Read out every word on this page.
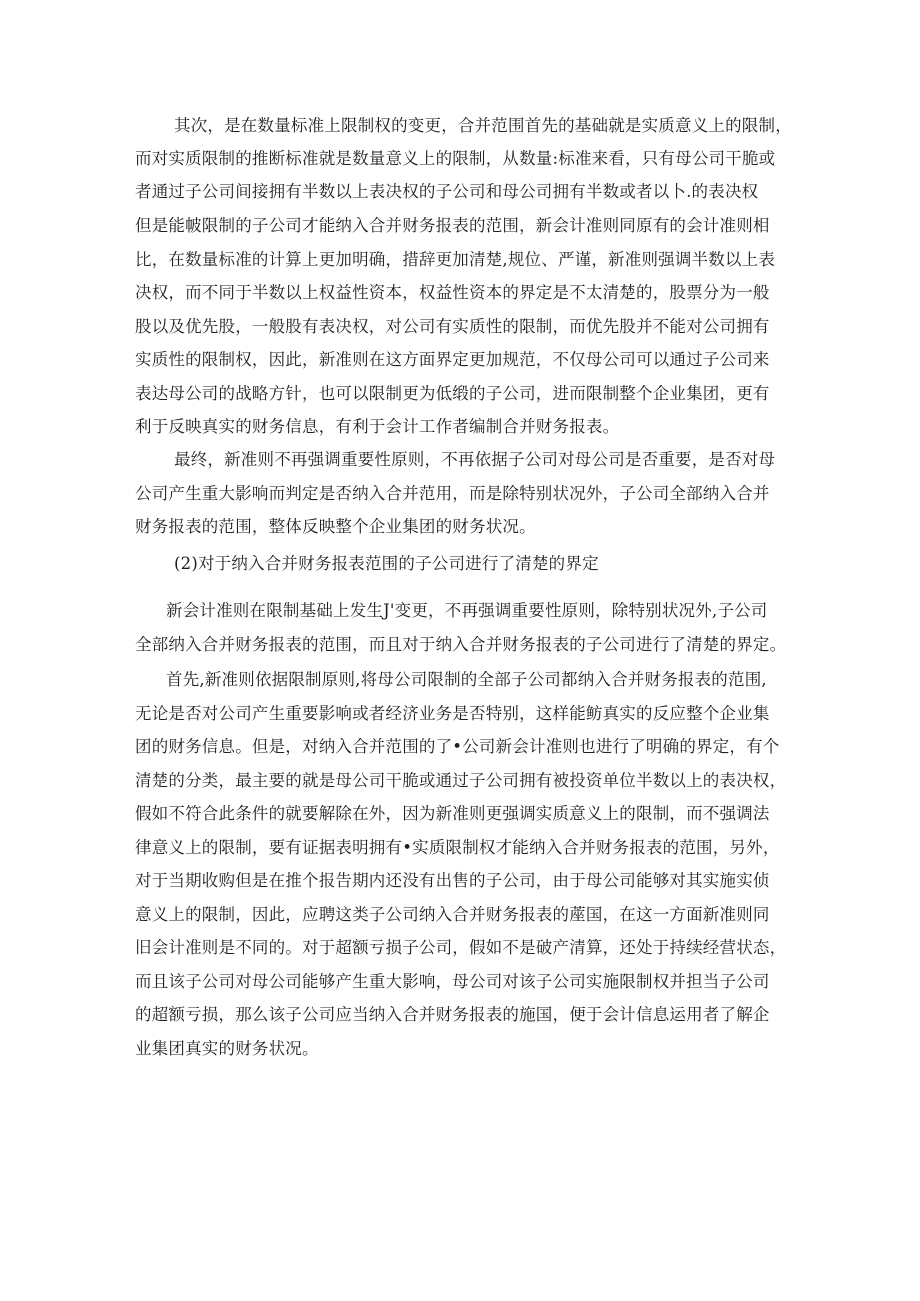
其次，是在数量标准上限制权的变更，合并范围首先的基础就是实质意义上的限制，

而对实质限制的推断标准就是数量意义上的限制，从数量:标准来看，只有母公司干脆或

者通过子公司间接拥有半数以上表决权的子公司和母公司拥有半数或者以卜.的表决权

但是能帔限制的子公司才能纳入合并财务报表的范围，新会计准则同原有的会计准则相

比，在数量标准的计算上更加明确，措辞更加清楚,规位、严谨，新准则强调半数以上表

决权，而不同于半数以上权益性资本，权益性资本的界定是不太清楚的，股票分为一般

股以及优先股，一般股有表决权，对公司有实质性的限制，而优先股并不能对公司拥有

实质性的限制权，因此，新准则在这方面界定更加规范，不仅母公司可以通过子公司来

表达母公司的战略方针，也可以限制更为低缎的子公司，进而限制整个企业集团，更有

利于反映真实的财务信息，有利于会计工作者编制合并财务报表。

最终，新准则不再强调重要性原则，不再依据子公司对母公司是否重要，是否对母

公司产生重大影响而判定是否纳入合并范用，而是除特别状况外，子公司全部纳入合并

财务报表的范围，整体反映整个企业集团的财务状况。

(2)对于纳入合并财务报表范围的子公司进行了清楚的界定

新会计准则在限制基础上发生J'变更，不再强调重要性原则，除特别状况外,子公司

全部纳入合并财务报表的范围，而且对于纳入合并财务报表的子公司进行了清楚的界定。

首先,新准则依据限制原则,将母公司限制的全部子公司都纳入合并财务报表的范围,

无论是否对公司产生重要影响或者经济业务是否特别，这样能鲂真实的反应整个企业集

团的财务信息。但是，对纳入合并范围的了•公司新会计准则也进行了明确的界定，有个

清楚的分类，最主要的就是母公司干脆或通过子公司拥有被投资单位半数以上的表决权，

假如不符合此条件的就要解除在外，因为新准则更强调实质意义上的限制，而不强调法

律意义上的限制，要有证据表明拥有•实质限制权才能纳入合并财务报表的范围，另外，

对于当期收购但是在推个报告期内还没有出售的子公司，由于母公司能够对其实施实侦

意义上的限制，因此，应聘这类子公司纳入合并财务报表的蓙国，在这一方面新准则同

旧会计准则是不同的。对于超额亏损子公司，假如不是破产清算，还处于持续经营状态，

而且该子公司对母公司能够产生重大影响，母公司对该子公司实施限制权并担当子公司

的超额亏损，那么该子公司应当纳入合并财务报表的施国，便于会计信息运用者了解企

业集团真实的财务状况。
